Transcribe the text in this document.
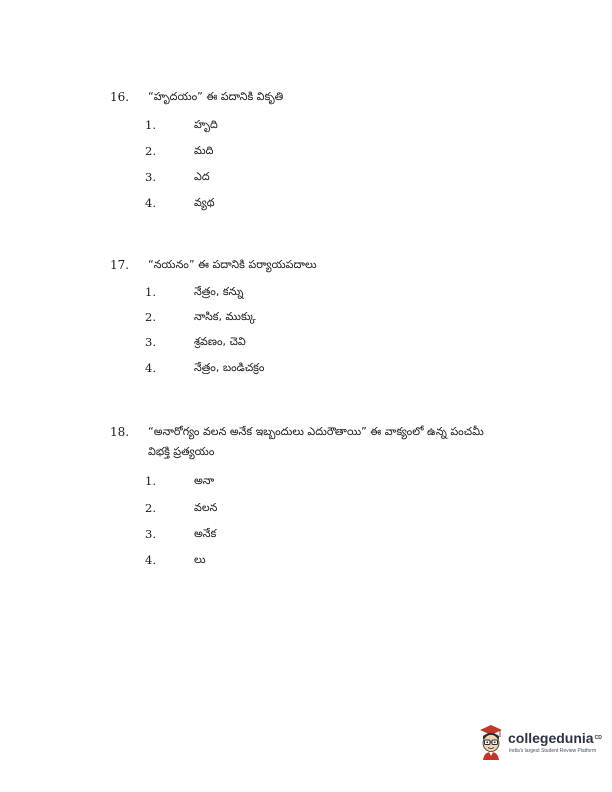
16. “హృదయం” ఈ పదానికి వికృతి
1.	హృది
2.	మది
3.	ఎద
4.	వ్యథ
17. “నయనం” ఈ పదానికి పర్యాయపదాలు
1.	నేత్రం, కన్ను
2.	నాసిక, ముక్కు
3.	శ్రవణం, చెవి
4.	నేత్రం, బండిచక్రం
18. “అనారోగ్యం వలన అనేక ఇబ్బందులు ఎదురౌతాయి” ఈ వాక్యంలో ఉన్న పంచమీ విభక్తి ప్రత్యయం
1.	అనా
2.	వలన
3.	అనేక
4.	లు
collegedunia$^{CD}$
India's largest Student Review Platform
